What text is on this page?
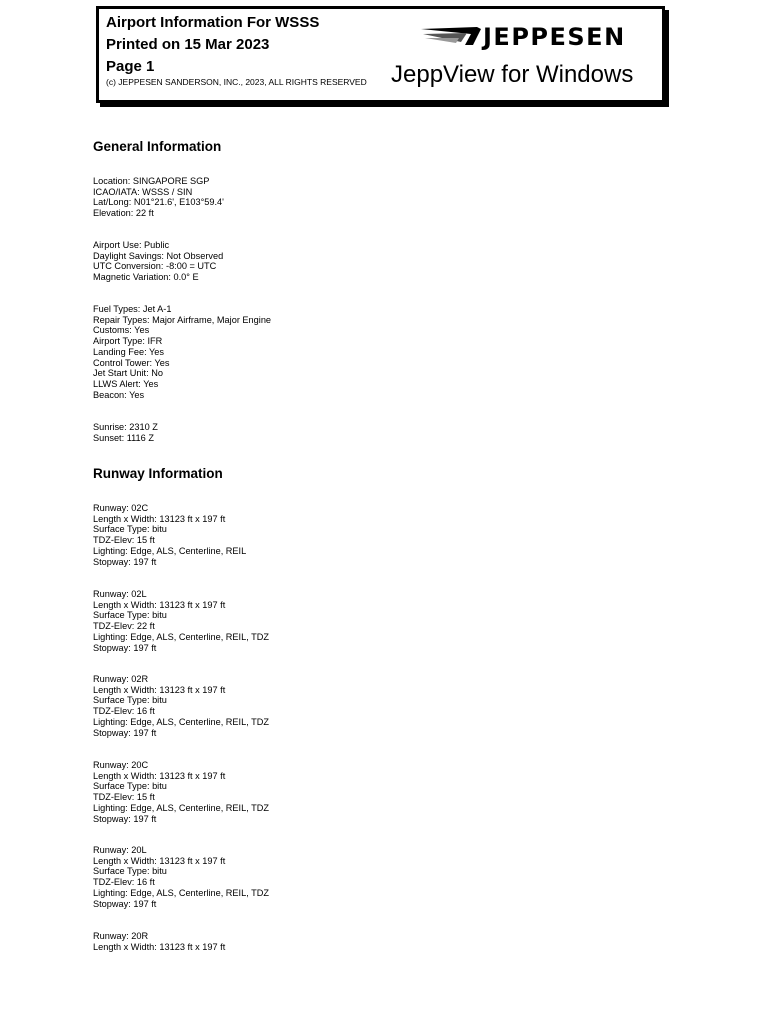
Airport Information For WSSS
Printed on 15 Mar 2023
Page 1
(c) JEPPESEN SANDERSON, INC., 2023, ALL RIGHTS RESERVED
JEPPESEN
JeppView for Windows
General Information
Location: SINGAPORE SGP
ICAO/IATA: WSSS / SIN
Lat/Long: N01°21.6', E103°59.4'
Elevation: 22 ft
Airport Use: Public
Daylight Savings: Not Observed
UTC Conversion: -8:00 = UTC
Magnetic Variation: 0.0° E
Fuel Types: Jet A-1
Repair Types: Major Airframe, Major Engine
Customs: Yes
Airport Type: IFR
Landing Fee: Yes
Control Tower: Yes
Jet Start Unit: No
LLWS Alert: Yes
Beacon: Yes
Sunrise: 2310 Z
Sunset: 1116 Z
Runway Information
Runway: 02C
Length x Width: 13123 ft x 197 ft
Surface Type: bitu
TDZ-Elev: 15 ft
Lighting: Edge, ALS, Centerline, REIL
Stopway: 197 ft
Runway: 02L
Length x Width: 13123 ft x 197 ft
Surface Type: bitu
TDZ-Elev: 22 ft
Lighting: Edge, ALS, Centerline, REIL, TDZ
Stopway: 197 ft
Runway: 02R
Length x Width: 13123 ft x 197 ft
Surface Type: bitu
TDZ-Elev: 16 ft
Lighting: Edge, ALS, Centerline, REIL, TDZ
Stopway: 197 ft
Runway: 20C
Length x Width: 13123 ft x 197 ft
Surface Type: bitu
TDZ-Elev: 15 ft
Lighting: Edge, ALS, Centerline, REIL, TDZ
Stopway: 197 ft
Runway: 20L
Length x Width: 13123 ft x 197 ft
Surface Type: bitu
TDZ-Elev: 16 ft
Lighting: Edge, ALS, Centerline, REIL, TDZ
Stopway: 197 ft
Runway: 20R
Length x Width: 13123 ft x 197 ft
